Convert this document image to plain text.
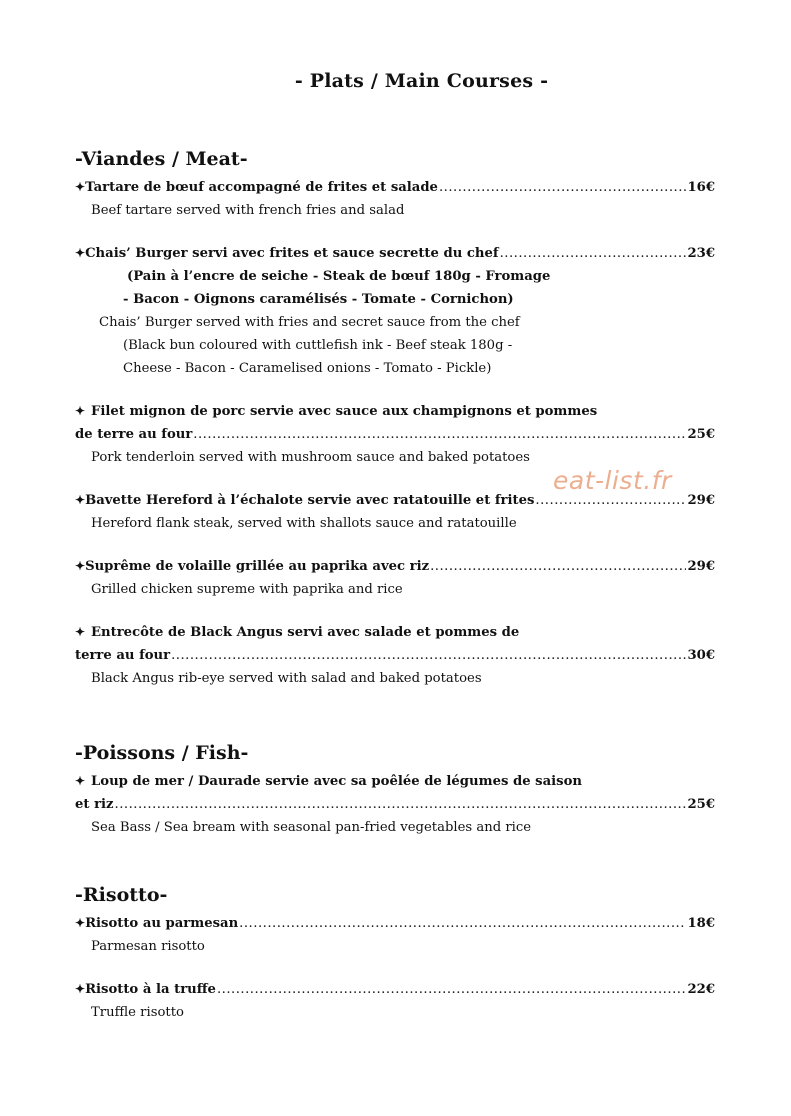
- Plats / Main Courses -
eat-list.fr
-Viandes / Meat-
✦ Tartare de bœuf accompagné de frites et salade .....	16€
Beef tartare served with french fries and salad
✦ Chais’ Burger servi avec frites et sauce secrette du chef .....	23€
(Pain à l’encre de seiche - Steak de bœuf 180g - Fromage
- Bacon - Oignons caramélisés - Tomate - Cornichon)
Chais’ Burger served with fries and secret sauce from the chef
(Black bun coloured with cuttlefish ink - Beef steak 180g -
Cheese - Bacon - Caramelised onions - Tomato - Pickle)
✦ Filet mignon de porc servie avec sauce aux champignons et pommes
de terre au four .....	25€
Pork tenderloin served with mushroom sauce and baked potatoes
✦ Bavette Hereford à l’échalote servie avec ratatouille et frites .....	29€
Hereford flank steak, served with shallots sauce and ratatouille
✦ Suprême de volaille grillée au paprika avec riz .....	29€
Grilled chicken supreme with paprika and rice
✦ Entrecôte de Black Angus servi avec salade et pommes de
terre au four .....	30€
Black Angus rib-eye served with salad and baked potatoes
-Poissons / Fish-
✦ Loup de mer / Daurade servie avec sa poêlée de légumes de saison
et riz .....	25€
Sea Bass / Sea bream with seasonal pan-fried vegetables and rice
-Risotto-
✦ Risotto au parmesan .....	18€
Parmesan risotto
✦ Risotto à la truffe .....	22€
Truffle risotto
